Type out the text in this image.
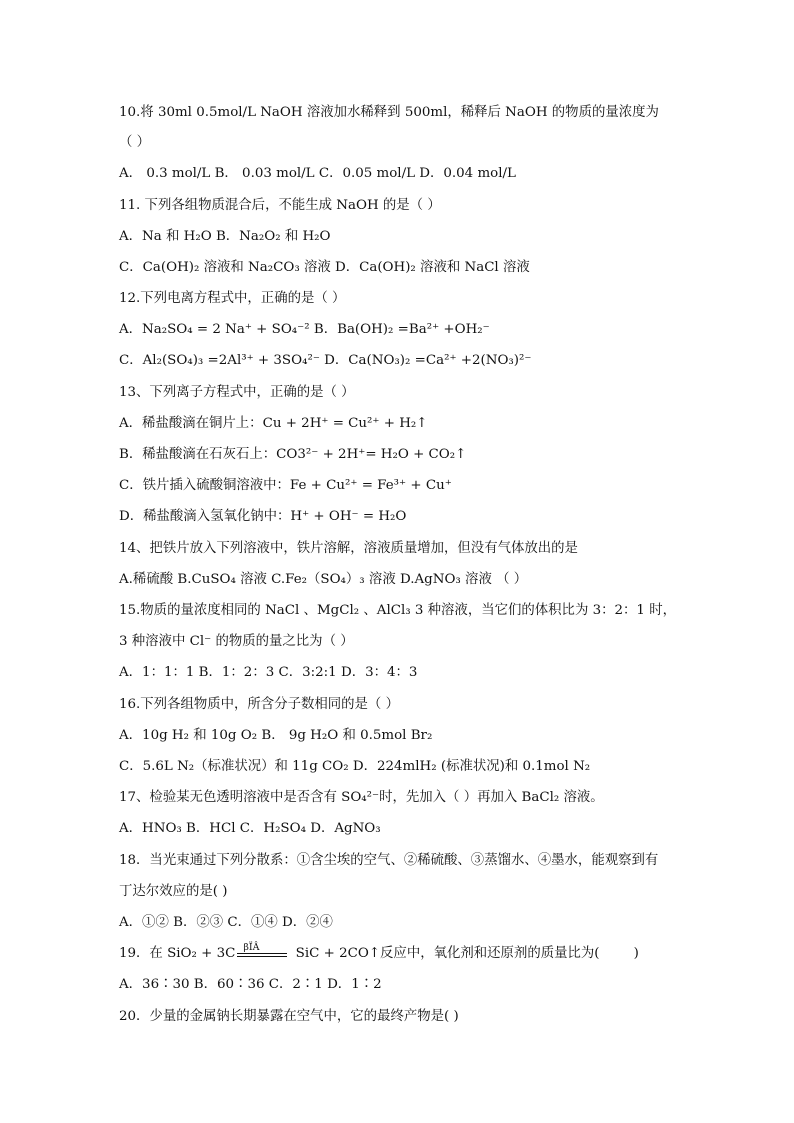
10.将 30ml 0.5mol/L NaOH 溶液加水稀释到 500ml，稀释后 NaOH 的物质的量浓度为
（ ）
A． 0.3 mol/L B． 0.03 mol/L C．0.05 mol/L D．0.04 mol/L
11. 下列各组物质混合后，不能生成 NaOH 的是（ ）
A．Na 和 H₂O B．Na₂O₂ 和 H₂O
C．Ca(OH)₂ 溶液和 Na₂CO₃ 溶液 D．Ca(OH)₂ 溶液和 NaCl 溶液
12.下列电离方程式中，正确的是（ ）
A．Na₂SO₄ = 2 Na⁺ + SO₄⁻² B．Ba(OH)₂ =Ba²⁺ +OH₂⁻
C．Al₂(SO₄)₃ =2Al³⁺ + 3SO₄²⁻ D．Ca(NO₃)₂ =Ca²⁺ +2(NO₃)²⁻
13、下列离子方程式中，正确的是（ ）
A．稀盐酸滴在铜片上：Cu + 2H⁺ = Cu²⁺ + H₂↑
B．稀盐酸滴在石灰石上：CO3²⁻ + 2H⁺= H₂O + CO₂↑
C．铁片插入硫酸铜溶液中：Fe + Cu²⁺ = Fe³⁺ + Cu⁺
D．稀盐酸滴入氢氧化钠中：H⁺ + OH⁻ = H₂O
14、把铁片放入下列溶液中，铁片溶解，溶液质量增加，但没有气体放出的是
A.稀硫酸 B.CuSO₄ 溶液 C.Fe₂（SO₄）₃ 溶液 D.AgNO₃ 溶液 （ ）
15.物质的量浓度相同的 NaCl 、MgCl₂ 、AlCl₃ 3 种溶液，当它们的体积比为 3：2：1 时，
3 种溶液中 Cl⁻ 的物质的量之比为（ ）
A．1：1：1 B．1：2：3 C．3:2:1 D．3：4：3
16.下列各组物质中，所含分子数相同的是（ ）
A．10g H₂ 和 10g O₂ B． 9g H₂O 和 0.5mol Br₂
C．5.6L N₂（标准状况）和 11g CO₂ D．224mlH₂ (标准状况)和 0.1mol N₂
17、检验某无色透明溶液中是否含有 SO₄²⁻时，先加入（ ）再加入 BaCl₂ 溶液。
A．HNO₃ B．HCl C．H₂SO₄ D．AgNO₃
18．当光束通过下列分散系：①含尘埃的空气、②稀硫酸、③蒸馏水、④墨水，能观察到有
丁达尔效应的是( )
A．①② B．②③ C．①④ D．②④
19．在 SiO₂ + 3C βÏÂ SiC + 2CO↑反应中，氧化剂和还原剂的质量比为(        )
A．36∶30 B．60∶36 C．2∶1 D．1∶2
20．少量的金属钠长期暴露在空气中，它的最终产物是( )
